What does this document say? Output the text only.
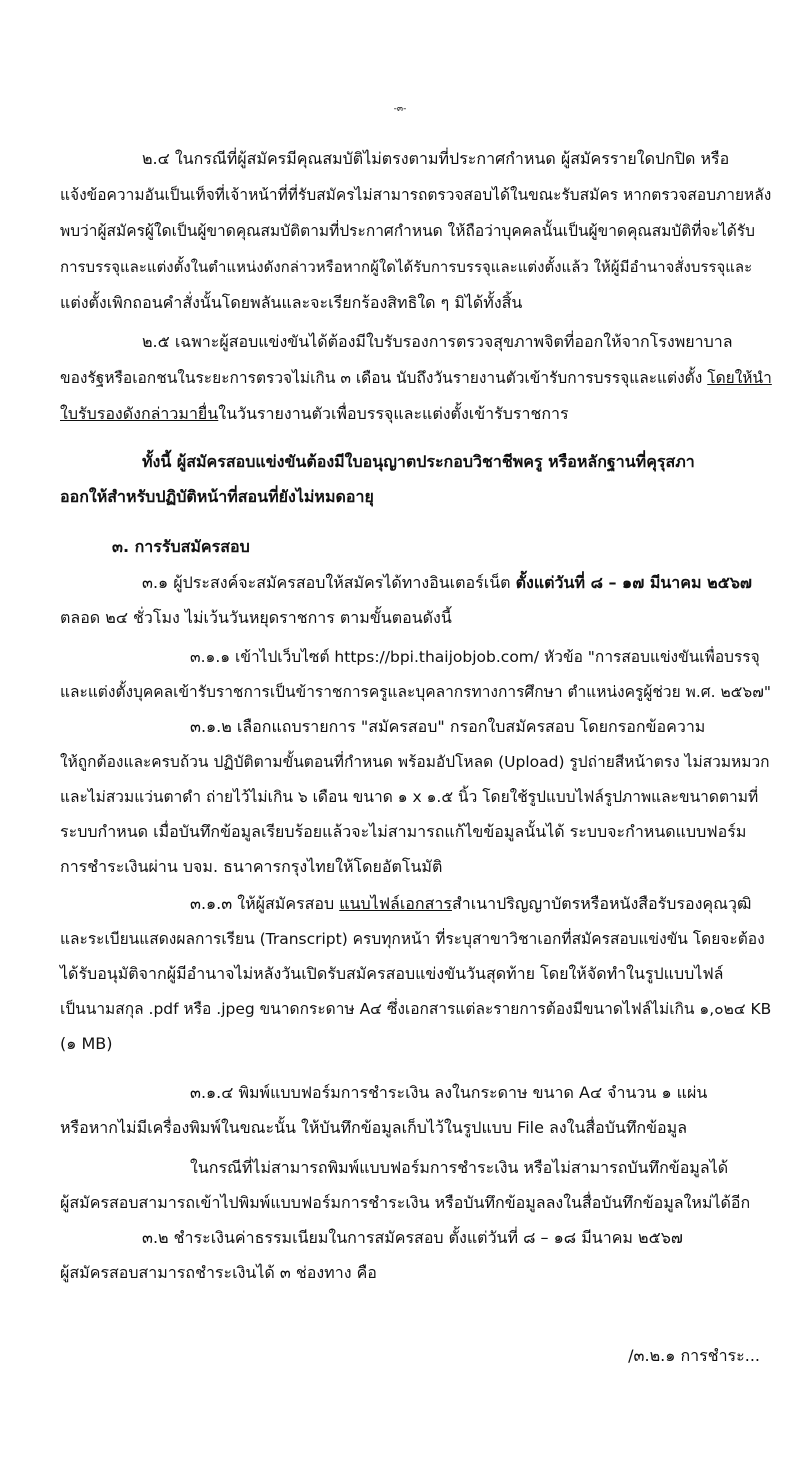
-๓-
๒.๔ ในกรณีที่ผู้สมัครมีคุณสมบัติไม่ตรงตามที่ประกาศกำหนด ผู้สมัครรายใดปกปิด หรือ
แจ้งข้อความอันเป็นเท็จที่เจ้าหน้าที่ที่รับสมัครไม่สามารถตรวจสอบได้ในขณะรับสมัคร หากตรวจสอบภายหลัง
พบว่าผู้สมัครผู้ใดเป็นผู้ขาดคุณสมบัติตามที่ประกาศกำหนด ให้ถือว่าบุคคลนั้นเป็นผู้ขาดคุณสมบัติที่จะได้รับ
การบรรจุและแต่งตั้งในตำแหน่งดังกล่าวหรือหากผู้ใดได้รับการบรรจุและแต่งตั้งแล้ว ให้ผู้มีอำนาจสั่งบรรจุและ
แต่งตั้งเพิกถอนคำสั่งนั้นโดยพลันและจะเรียกร้องสิทธิใด ๆ มิได้ทั้งสิ้น
๒.๕ เฉพาะผู้สอบแข่งขันได้ต้องมีใบรับรองการตรวจสุขภาพจิตที่ออกให้จากโรงพยาบาล
ของรัฐหรือเอกชนในระยะการตรวจไม่เกิน ๓ เดือน นับถึงวันรายงานตัวเข้ารับการบรรจุและแต่งตั้ง โดยให้นำ
ใบรับรองดังกล่าวมายื่นในวันรายงานตัวเพื่อบรรจุและแต่งตั้งเข้ารับราชการ
ทั้งนี้ ผู้สมัครสอบแข่งขันต้องมีใบอนุญาตประกอบวิชาชีพครู หรือหลักฐานที่คุรุสภา
ออกให้สำหรับปฏิบัติหน้าที่สอนที่ยังไม่หมดอายุ
๓. การรับสมัครสอบ
๓.๑ ผู้ประสงค์จะสมัครสอบให้สมัครได้ทางอินเตอร์เน็ต ตั้งแต่วันที่ ๘ – ๑๗ มีนาคม ๒๕๖๗
ตลอด ๒๔ ชั่วโมง ไม่เว้นวันหยุดราชการ ตามขั้นตอนดังนี้
๓.๑.๑ เข้าไปเว็บไซต์ https://bpi.thaijobjob.com/ หัวข้อ "การสอบแข่งขันเพื่อบรรจุ
และแต่งตั้งบุคคลเข้ารับราชการเป็นข้าราชการครูและบุคลากรทางการศึกษา ตำแหน่งครูผู้ช่วย พ.ศ. ๒๕๖๗"
๓.๑.๒ เลือกแถบรายการ "สมัครสอบ" กรอกใบสมัครสอบ โดยกรอกข้อความ
ให้ถูกต้องและครบถ้วน ปฏิบัติตามขั้นตอนที่กำหนด พร้อมอัปโหลด (Upload) รูปถ่ายสีหน้าตรง ไม่สวมหมวก
และไม่สวมแว่นตาดำ ถ่ายไว้ไม่เกิน ๖ เดือน ขนาด ๑ x ๑.๕ นิ้ว โดยใช้รูปแบบไฟล์รูปภาพและขนาดตามที่
ระบบกำหนด เมื่อบันทึกข้อมูลเรียบร้อยแล้วจะไม่สามารถแก้ไขข้อมูลนั้นได้ ระบบจะกำหนดแบบฟอร์ม
การชำระเงินผ่าน บจม. ธนาคารกรุงไทยให้โดยอัตโนมัติ
๓.๑.๓ ให้ผู้สมัครสอบ แนบไฟล์เอกสารสำเนาปริญญาบัตรหรือหนังสือรับรองคุณวุฒิ
และระเบียนแสดงผลการเรียน (Transcript) ครบทุกหน้า ที่ระบุสาขาวิชาเอกที่สมัครสอบแข่งขัน โดยจะต้อง
ได้รับอนุมัติจากผู้มีอำนาจไม่หลังวันเปิดรับสมัครสอบแข่งขันวันสุดท้าย โดยให้จัดทำในรูปแบบไฟล์
เป็นนามสกุล .pdf หรือ .jpeg ขนาดกระดาษ A๔ ซึ่งเอกสารแต่ละรายการต้องมีขนาดไฟล์ไม่เกิน ๑,๐๒๔ KB
(๑ MB)
๓.๑.๔ พิมพ์แบบฟอร์มการชำระเงิน ลงในกระดาษ ขนาด A๔ จำนวน ๑ แผ่น
หรือหากไม่มีเครื่องพิมพ์ในขณะนั้น ให้บันทึกข้อมูลเก็บไว้ในรูปแบบ File ลงในสื่อบันทึกข้อมูล
ในกรณีที่ไม่สามารถพิมพ์แบบฟอร์มการชำระเงิน หรือไม่สามารถบันทึกข้อมูลได้
ผู้สมัครสอบสามารถเข้าไปพิมพ์แบบฟอร์มการชำระเงิน หรือบันทึกข้อมูลลงในสื่อบันทึกข้อมูลใหม่ได้อีก
๓.๒ ชำระเงินค่าธรรมเนียมในการสมัครสอบ ตั้งแต่วันที่ ๘ – ๑๘ มีนาคม ๒๕๖๗
ผู้สมัครสอบสามารถชำระเงินได้ ๓ ช่องทาง คือ
/๓.๒.๑ การชำระ...
